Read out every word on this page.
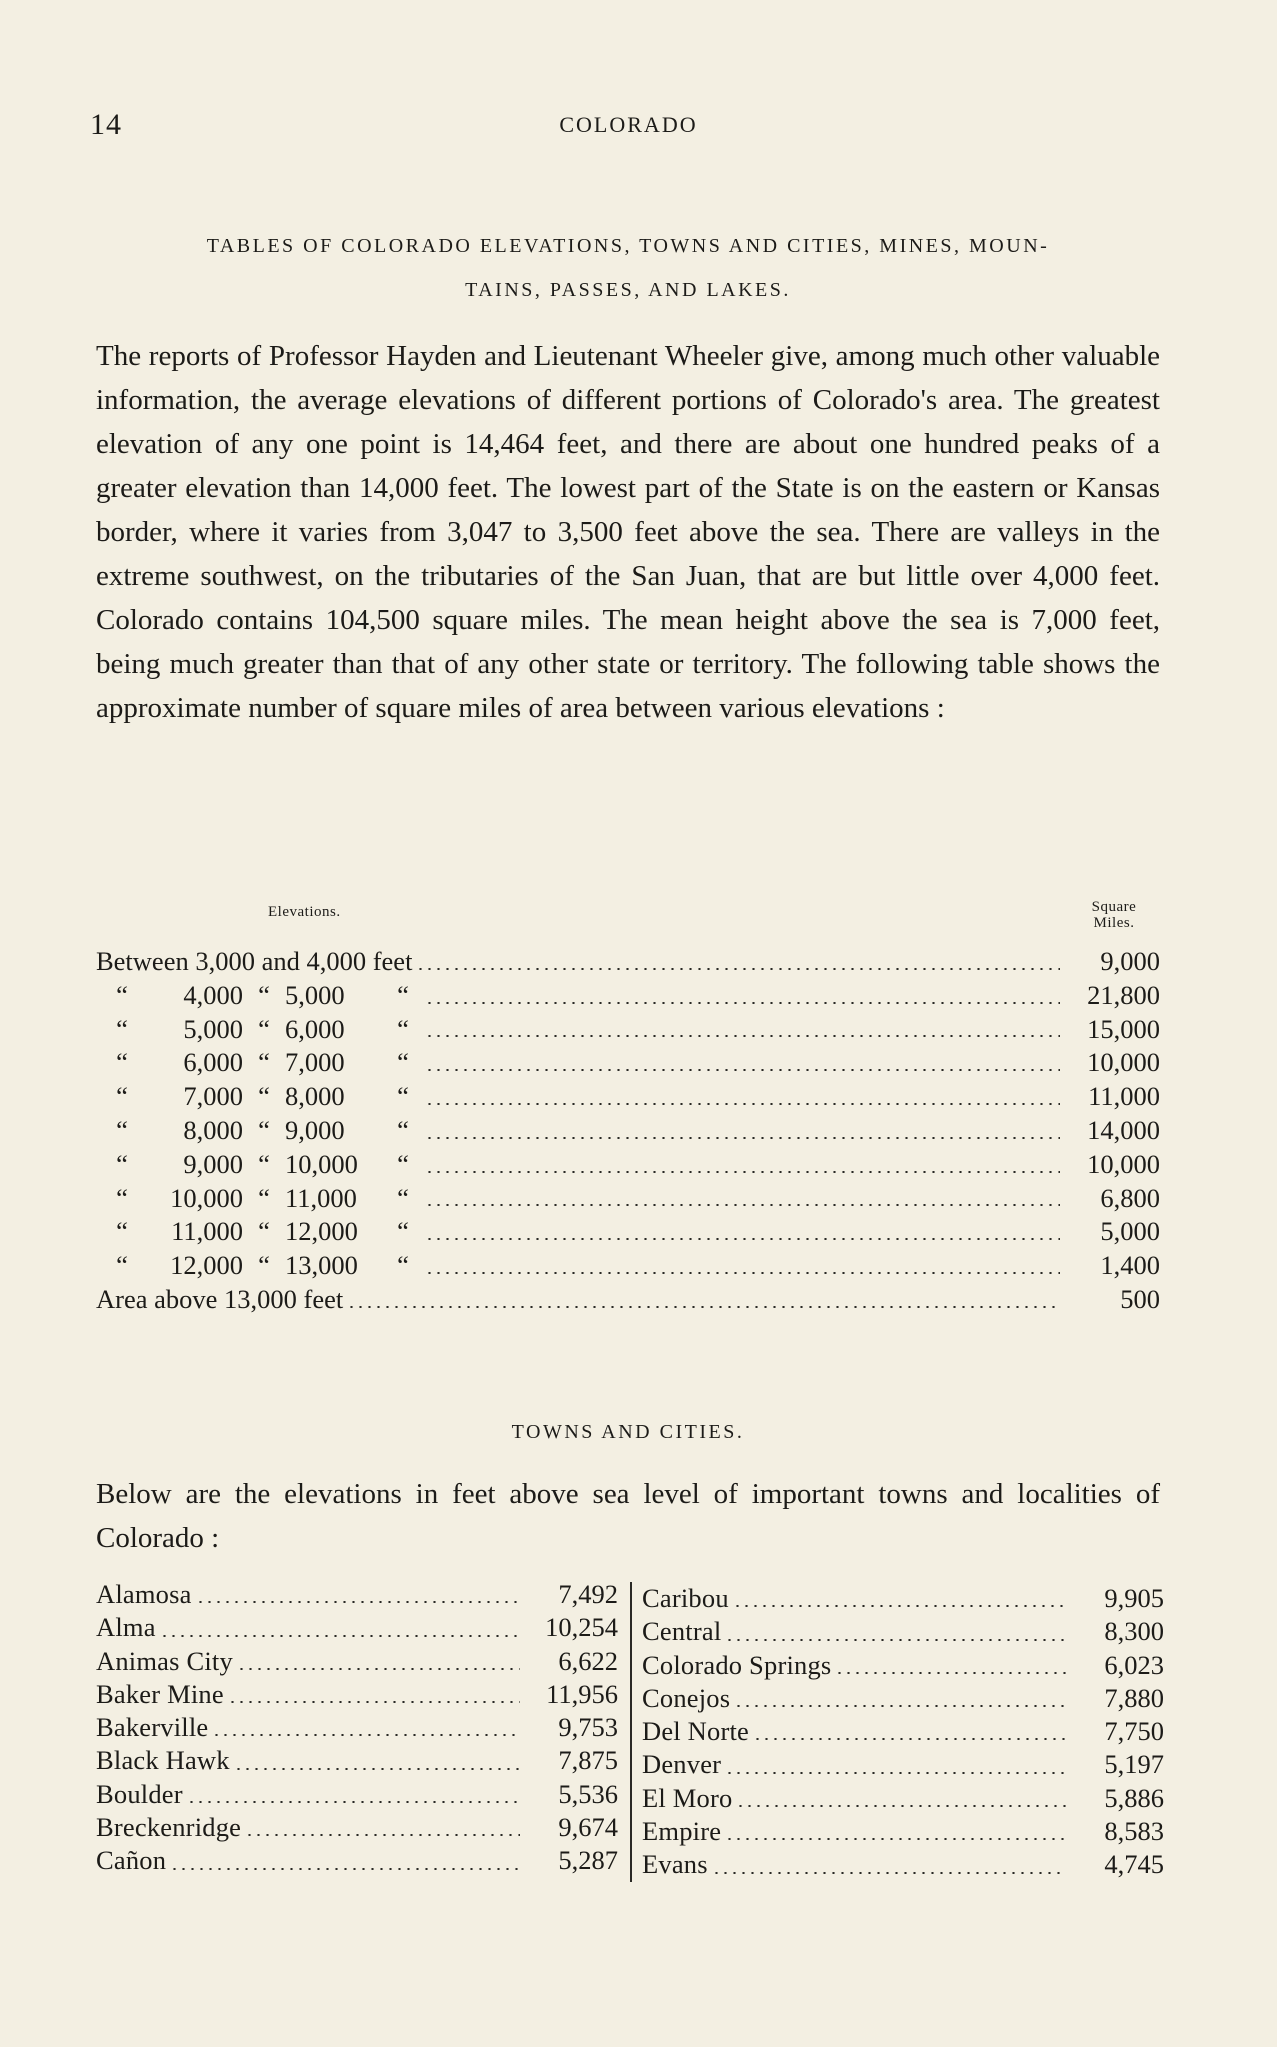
14	COLORADO
TABLES OF COLORADO ELEVATIONS, TOWNS AND CITIES, MINES, MOUN-
TAINS, PASSES, AND LAKES.

The reports of Professor Hayden and Lieutenant Wheeler give, among much other valuable information, the average elevations of different portions of Colorado's area. The greatest elevation of any one point is 14,464 feet, and there are about one hundred peaks of a greater elevation than 14,000 feet. The lowest part of the State is on the eastern or Kansas border, where it varies from 3,047 to 3,500 feet above the sea. There are valleys in the extreme southwest, on the tributaries of the San Juan, that are but little over 4,000 feet. Colorado contains 104,500 square miles. The mean height above the sea is 7,000 feet, being much greater than that of any other state or territory. The following table shows the approximate number of square miles of area between various elevations :

Elevations.	Square
Miles.
Between 3,000 and 4,000 feet	9,000
“	4,000 “ 5,000	“	21,800
“	5,000 “ 6,000	“	15,000
“	6,000 “ 7,000	“	10,000
“	7,000 “ 8,000	“	11,000
“	8,000 “ 9,000	“	14,000
“	9,000 “ 10,000	“	10,000
“	10,000 “ 11,000	“	6,800
“	11,000 “ 12,000	“	5,000
“	12,000 “ 13,000	“	1,400
Area above 13,000 feet	500
TOWNS AND CITIES.

Below are the elevations in feet above sea level of important towns and localities of Colorado :

Alamosa	7,492
Alma	10,254
Animas City	6,622
Baker Mine	11,956
Bakerville	9,753
Black Hawk	7,875
Boulder	5,536
Breckenridge	9,674
Cañon	5,287
Caribou	9,905
Central	8,300
Colorado Springs	6,023
Conejos	7,880
Del Norte	7,750
Denver	5,197
El Moro	5,886
Empire	8,583
Evans	4,745
